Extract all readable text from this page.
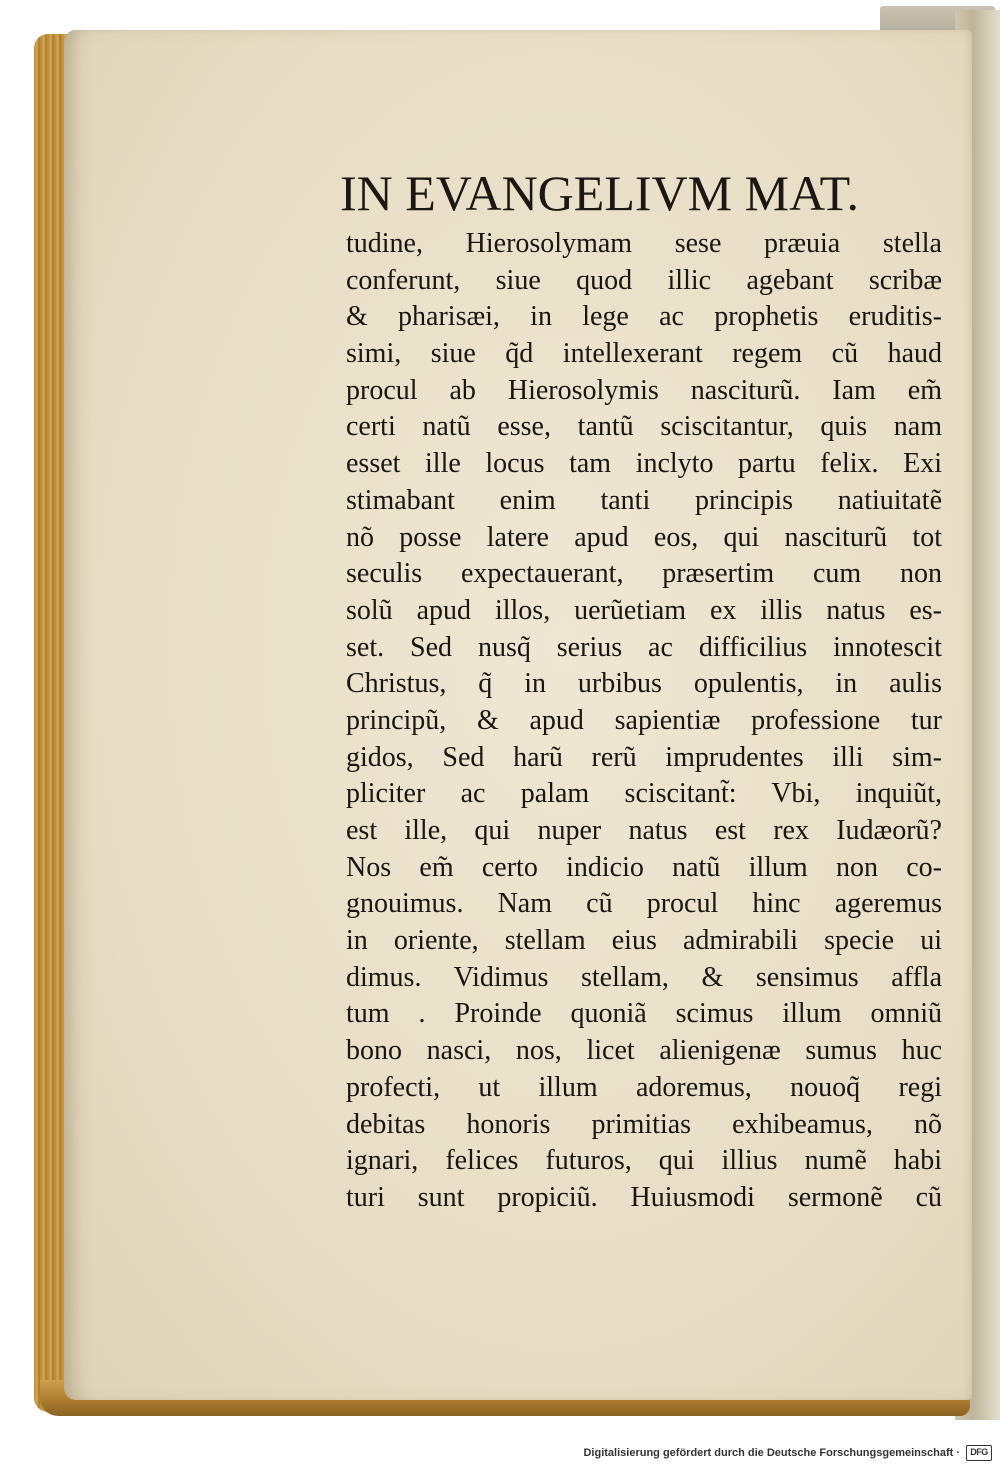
IN EVANGELIVM MAT.
tudine, Hierosolymam sese præuia stella
conferunt, siue quod illic agebant scribæ
& pharisæi, in lege ac prophetis eruditis‑
simi, siue q̃d intellexerant regem cũ haud
procul ab Hierosolymis nasciturũ. Iam em̃
certi natũ esse, tantũ sciscitantur, quis nam
esset ille locus tam inclyto partu felix. Exi
stimabant enim tanti principis natiuitatẽ
nõ posse latere apud eos, qui nasciturũ tot
seculis expectauerant, præsertim cum non
solũ apud illos, uerũetiam ex illis natus es‑
set. Sed nusq̃ serius ac difficilius innotescit
Christus, q̃ in urbibus opulentis, in aulis
principũ, & apud sapientiæ professione tur
gidos, Sed harũ rerũ imprudentes illi sim‑
pliciter ac palam sciscitant̃: Vbi, inquiũt,
est ille, qui nuper natus est rex Iudæorũ?
Nos em̃ certo indicio natũ illum non co‑
gnouimus. Nam cũ procul hinc ageremus
in oriente, stellam eius admirabili specie ui
dimus. Vidimus stellam, & sensimus affla
tum . Proinde quoniã scimus illum omniũ
bono nasci, nos, licet alienigenæ sumus huc
profecti, ut illum adoremus, nouoq̃ regi
debitas honoris primitias exhibeamus, nõ
ignari, felices futuros, qui illius numẽ habi
turi sunt propiciũ. Huiusmodi sermonẽ cũ
Digitalisierung gefördert durch die Deutsche Forschungsgemeinschaft ·	DFG
